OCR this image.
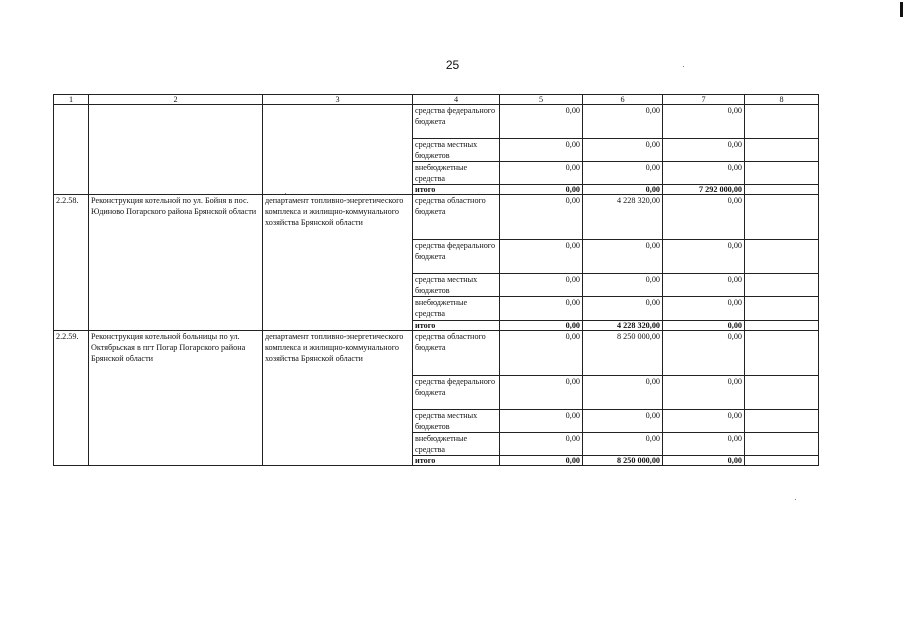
25
1	2	3	4	5	6	7	8
			средства федерального бюджета	0,00	0,00	0,00	
			средства местных бюджетов	0,00	0,00	0,00	
			внебюджетные средства	0,00	0,00	0,00	
			итого	0,00	0,00	7 292 000,00	
2.2.58.	Реконструкция котельной по ул. Бойня в пос. Юдиново Погарского района Брянской области	департамент топливно-энергетического комплекса и жилищно-коммунального хозяйства Брянской области	средства областного бюджета	0,00	4 228 320,00	0,00	
			средства федерального бюджета	0,00	0,00	0,00	
			средства местных бюджетов	0,00	0,00	0,00	
			внебюджетные средства	0,00	0,00	0,00	
			итого	0,00	4 228 320,00	0,00	
2.2.59.	Реконструкция котельной больницы по ул. Октябрьская в пгт Погар Погарского района Брянской области	департамент топливно-энергетического комплекса и жилищно-коммунального хозяйства Брянской области	средства областного бюджета	0,00	8 250 000,00	0,00	
			средства федерального бюджета	0,00	0,00	0,00	
			средства местных бюджетов	0,00	0,00	0,00	
			внебюджетные средства	0,00	0,00	0,00	
			итого	0,00	8 250 000,00	0,00	
